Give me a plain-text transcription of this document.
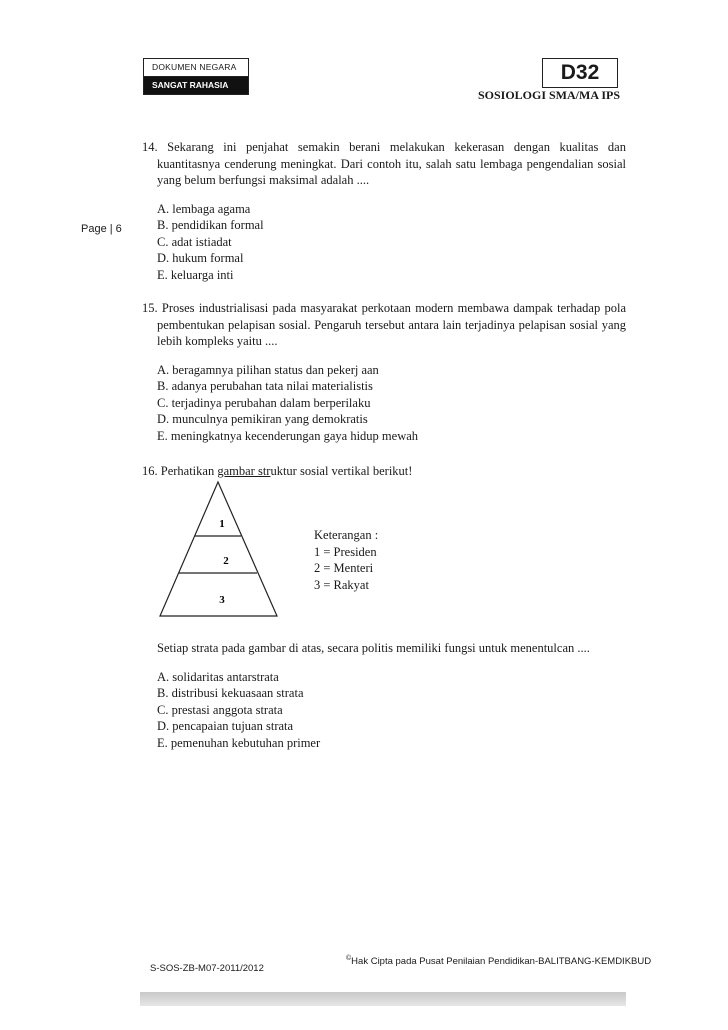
DOKUMEN NEGARA
SANGAT RAHASIA
D32
SOSIOLOGI SMA/MA IPS
Page | 6
14. Sekarang ini penjahat semakin berani melakukan kekerasan dengan kualitas dan kuantitasnya cenderung meningkat. Dari contoh itu, salah satu lembaga pengendalian sosial yang belum berfungsi maksimal adalah ....
A. lembaga agama
B. pendidikan formal
C. adat istiadat
D. hukum formal
E. keluarga inti
15. Proses industrialisasi pada masyarakat perkotaan modern membawa dampak terhadap pola pembentukan pelapisan sosial. Pengaruh tersebut antara lain terjadinya pelapisan sosial yang lebih kompleks yaitu ....
A. beragamnya pilihan status dan pekerj aan
B. adanya perubahan tata nilai materialistis
C. terjadinya perubahan dalam berperilaku
D. munculnya pemikiran yang demokratis
E. meningkatnya kecenderungan gaya hidup mewah
16. Perhatikan gambar struktur sosial vertikal berikut!
1
2
3
Keterangan :
1 = Presiden
2 = Menteri
3 = Rakyat
Setiap strata pada gambar di atas, secara politis memiliki fungsi untuk menentulcan ....
A. solidaritas antarstrata
B. distribusi kekuasaan strata
C. prestasi anggota strata
D. pencapaian tujuan strata
E. pemenuhan kebutuhan primer
S-SOS-ZB-M07-2011/2012
©Hak Cipta pada Pusat Penilaian Pendidikan-BALITBANG-KEMDIKBUD
